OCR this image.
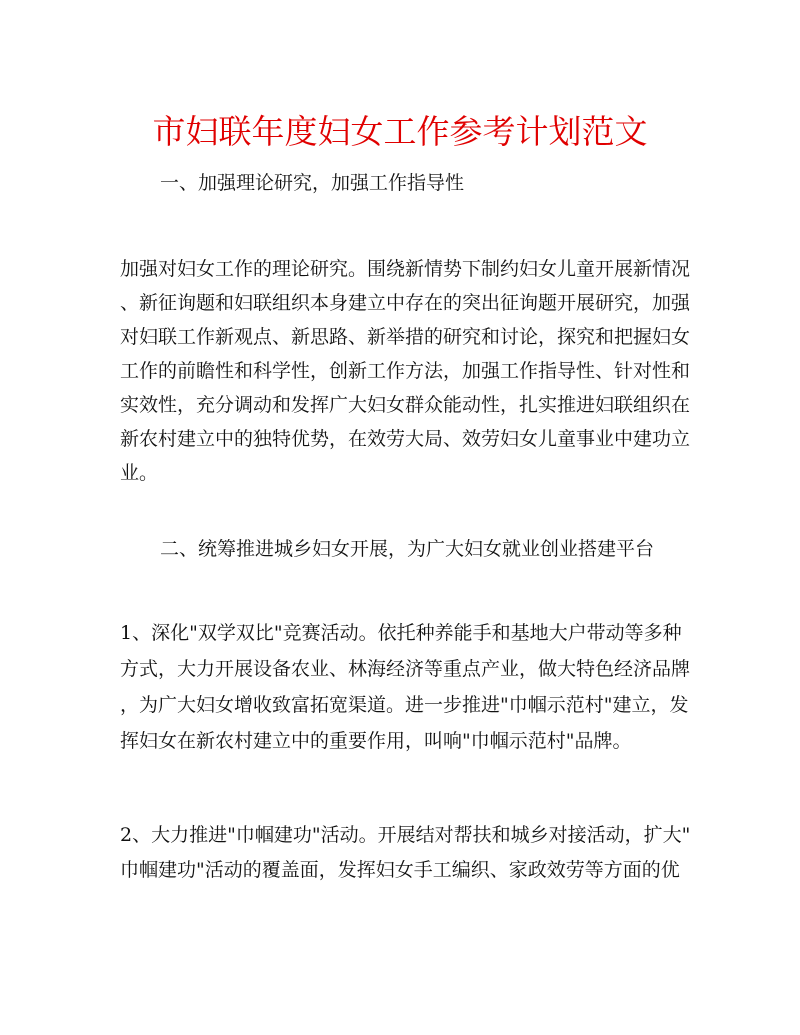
市妇联年度妇女工作参考计划范文
一、加强理论研究，加强工作指导性
加强对妇女工作的理论研究。围绕新情势下制约妇女儿童开展新情况
、新征询题和妇联组织本身建立中存在的突出征询题开展研究，加强
对妇联工作新观点、新思路、新举措的研究和讨论，探究和把握妇女
工作的前瞻性和科学性，创新工作方法，加强工作指导性、针对性和
实效性，充分调动和发挥广大妇女群众能动性，扎实推进妇联组织在
新农村建立中的独特优势，在效劳大局、效劳妇女儿童事业中建功立
业。
二、统筹推进城乡妇女开展，为广大妇女就业创业搭建平台
1、深化"双学双比"竞赛活动。依托种养能手和基地大户带动等多种
方式，大力开展设备农业、林海经济等重点产业，做大特色经济品牌
，为广大妇女增收致富拓宽渠道。进一步推进"巾帼示范村"建立，发
挥妇女在新农村建立中的重要作用，叫响"巾帼示范村"品牌。
2、大力推进"巾帼建功"活动。开展结对帮扶和城乡对接活动，扩大"
巾帼建功"活动的覆盖面，发挥妇女手工编织、家政效劳等方面的优
